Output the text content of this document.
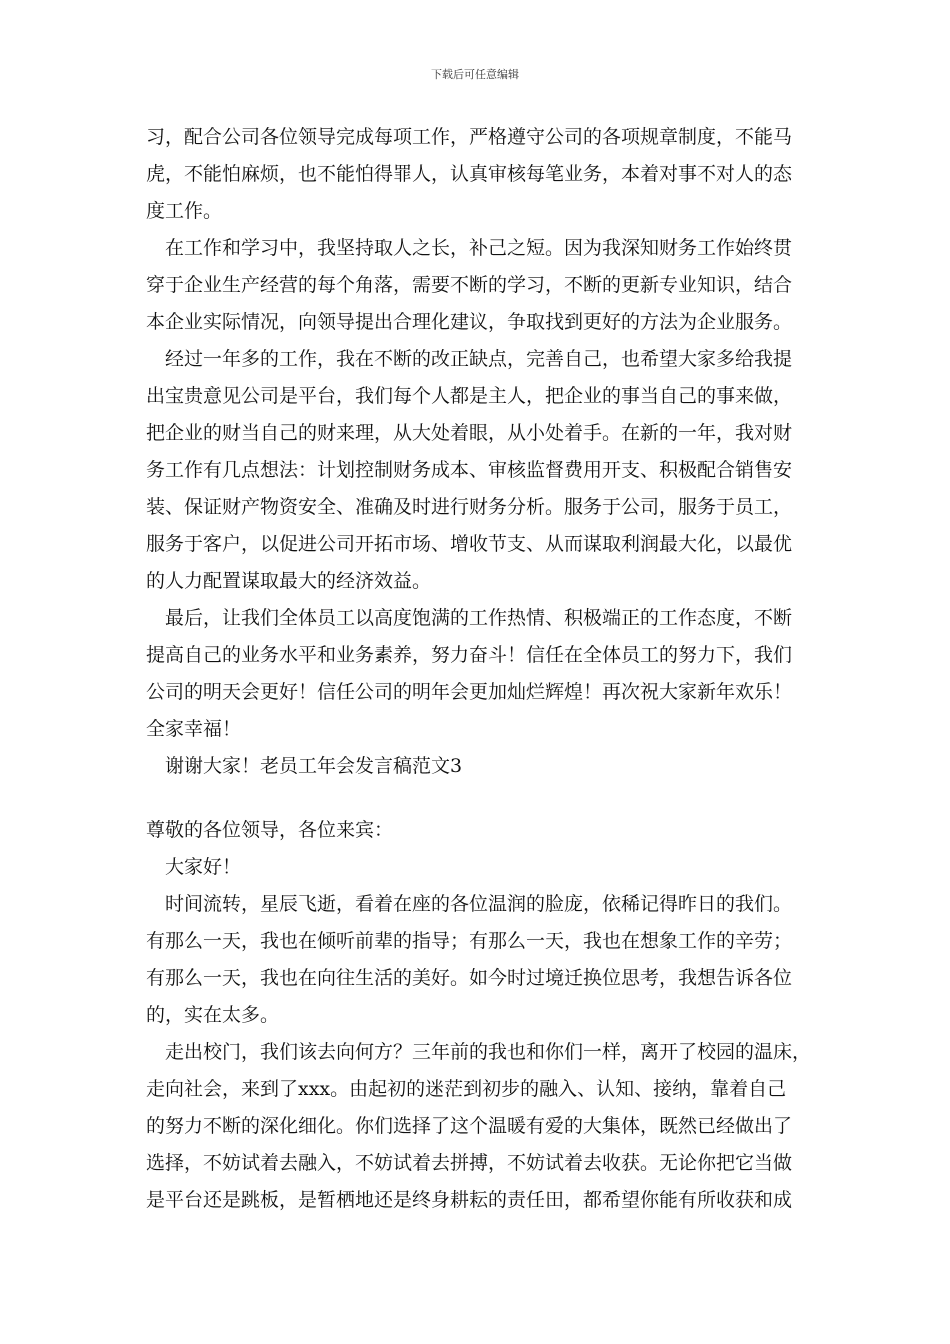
下载后可任意编辑
习，配合公司各位领导完成每项工作，严格遵守公司的各项规章制度，不能马
虎，不能怕麻烦，也不能怕得罪人，认真审核每笔业务，本着对事不对人的态
度工作。
在工作和学习中，我坚持取人之长，补己之短。因为我深知财务工作始终贯
穿于企业生产经营的每个角落，需要不断的学习，不断的更新专业知识，结合
本企业实际情况，向领导提出合理化建议，争取找到更好的方法为企业服务。
经过一年多的工作，我在不断的改正缺点，完善自己，也希望大家多给我提
出宝贵意见公司是平台，我们每个人都是主人，把企业的事当自己的事来做，
把企业的财当自己的财来理，从大处着眼，从小处着手。在新的一年，我对财
务工作有几点想法：计划控制财务成本、审核监督费用开支、积极配合销售安
装、保证财产物资安全、准确及时进行财务分析。服务于公司，服务于员工，
服务于客户，以促进公司开拓市场、增收节支、从而谋取利润最大化，以最优
的人力配置谋取最大的经济效益。
最后，让我们全体员工以高度饱满的工作热情、积极端正的工作态度，不断
提高自己的业务水平和业务素养，努力奋斗！信任在全体员工的努力下，我们
公司的明天会更好！信任公司的明年会更加灿烂辉煌！再次祝大家新年欢乐！
全家幸福！
谢谢大家！老员工年会发言稿范文3
尊敬的各位领导，各位来宾：
大家好！
时间流转，星辰飞逝，看着在座的各位温润的脸庞，依稀记得昨日的我们。
有那么一天，我也在倾听前辈的指导；有那么一天，我也在想象工作的辛劳；
有那么一天，我也在向往生活的美好。如今时过境迁换位思考，我想告诉各位
的，实在太多。
走出校门，我们该去向何方？三年前的我也和你们一样，离开了校园的温床，
走向社会，来到了xxx。由起初的迷茫到初步的融入、认知、接纳，靠着自己
的努力不断的深化细化。你们选择了这个温暖有爱的大集体，既然已经做出了
选择，不妨试着去融入，不妨试着去拼搏，不妨试着去收获。无论你把它当做
是平台还是跳板，是暂栖地还是终身耕耘的责任田，都希望你能有所收获和成
